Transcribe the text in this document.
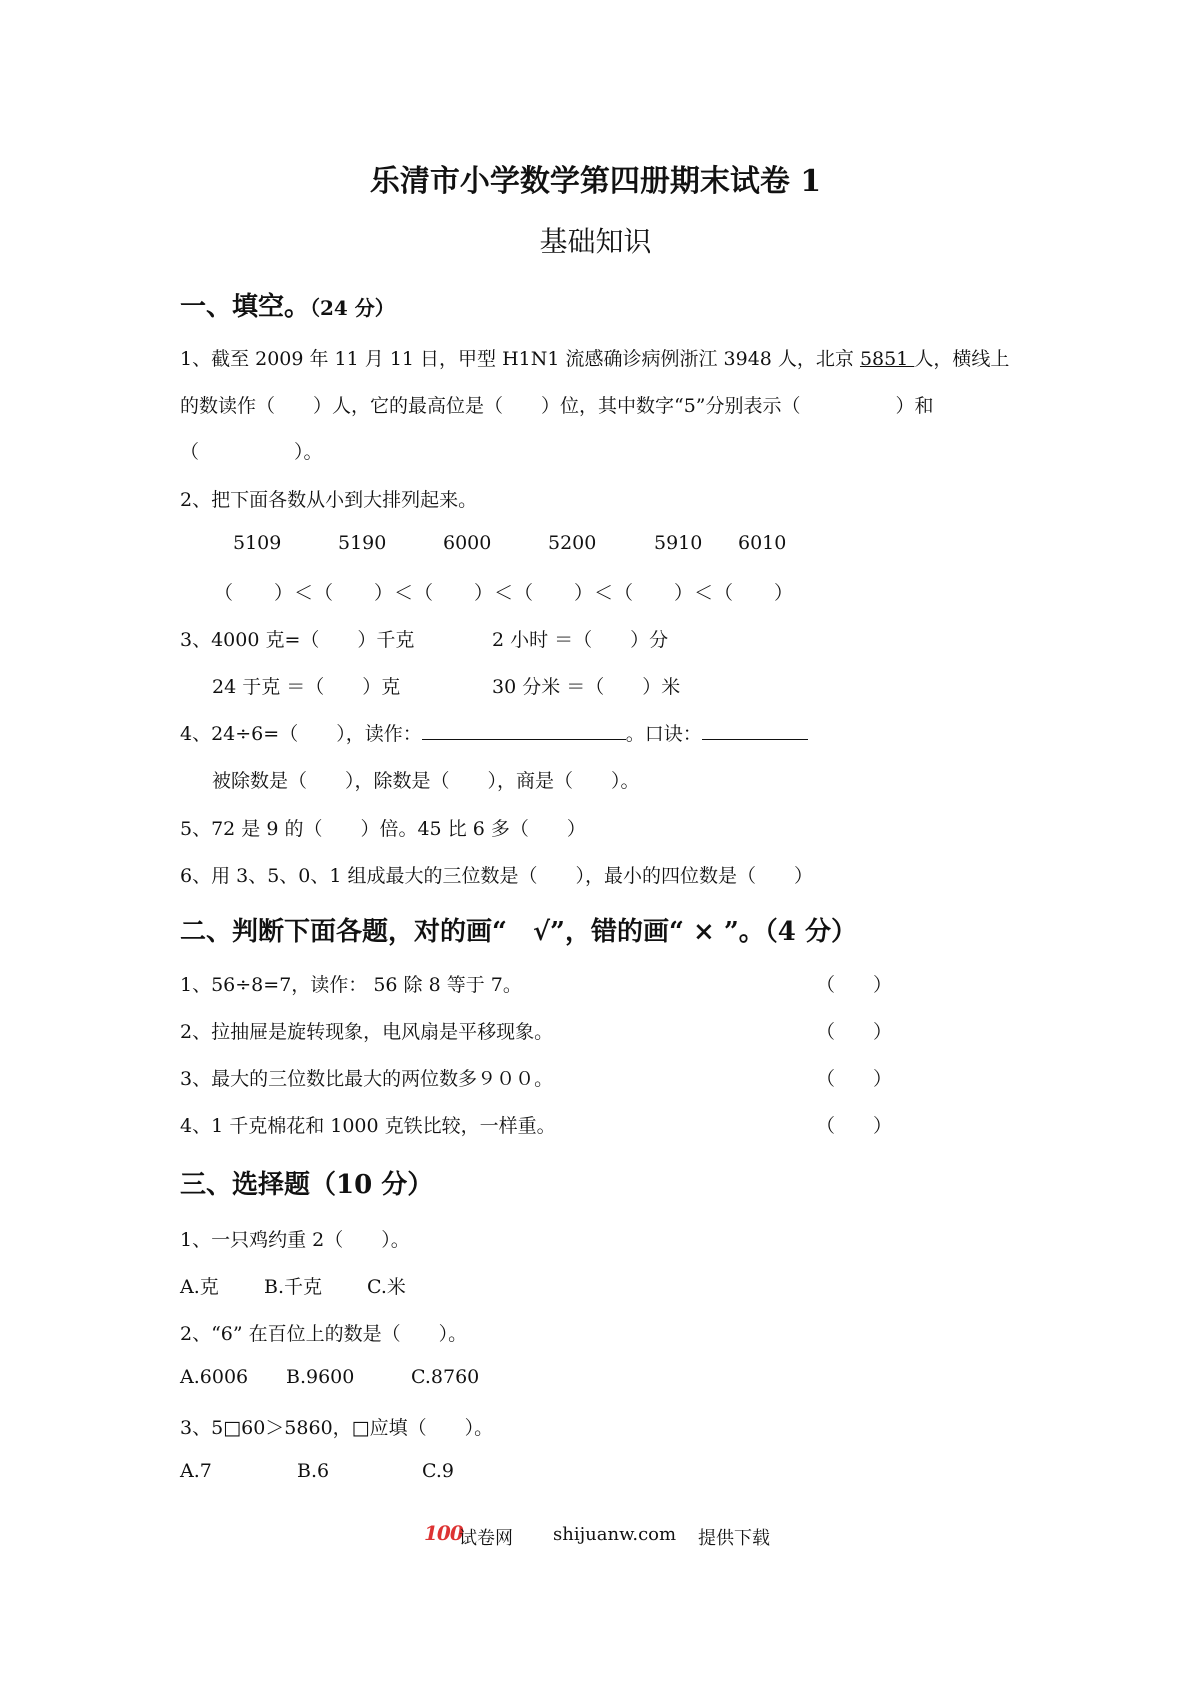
乐清市小学数学第四册期末试卷 1
基础知识
一、填空。（24 分）
1、截至 2009 年 11 月 11 日，甲型 H1N1 流感确诊病例浙江 3948 人，北京 5851 人，横线上
的数读作（　　）人，它的最高位是（　　）位，其中数字“5”分别表示（　　　　　）和
（　　　　　）。
2、把下面各数从小到大排列起来。
5109	5190	6000	5200	5910 6010
（　　）＜（　　）＜（　　）＜（　　）＜（　　）＜（　　）
3、4000 克=（　　）千克	2 小时 ＝（　　）分
24 于克 ＝（　　）克	30 分米 ＝（　　）米
4、24÷6=（　　），读作：	。口诀：
被除数是（　　），除数是（　　），商是（　　）。
5、72 是 9 的（　　）倍。45 比 6 多（　　）
6、用 3、5、0、1 组成最大的三位数是（　　），最小的四位数是（　　）
二、判断下面各题，对的画“　√”，错的画“ × ”。（4 分）
1、56÷8=7，读作： 56 除 8 等于 7。	（　　）
2、拉抽屉是旋转现象，电风扇是平移现象。	（　　）
3、最大的三位数比最大的两位数多９００。	（　　）
4、1 千克棉花和 1000 克铁比较，一样重。	（　　）
三、选择题（10 分）
1、一只鸡约重 2（　　）。
A.克 B.千克 C.米
2、“6” 在百位上的数是（　　）。
A.6006 B.9600	C.8760
3、5□60＞5860，□应填（　　）。
A.7	B.6	C.9
100
试卷网 shijuanw.com 提供下载
